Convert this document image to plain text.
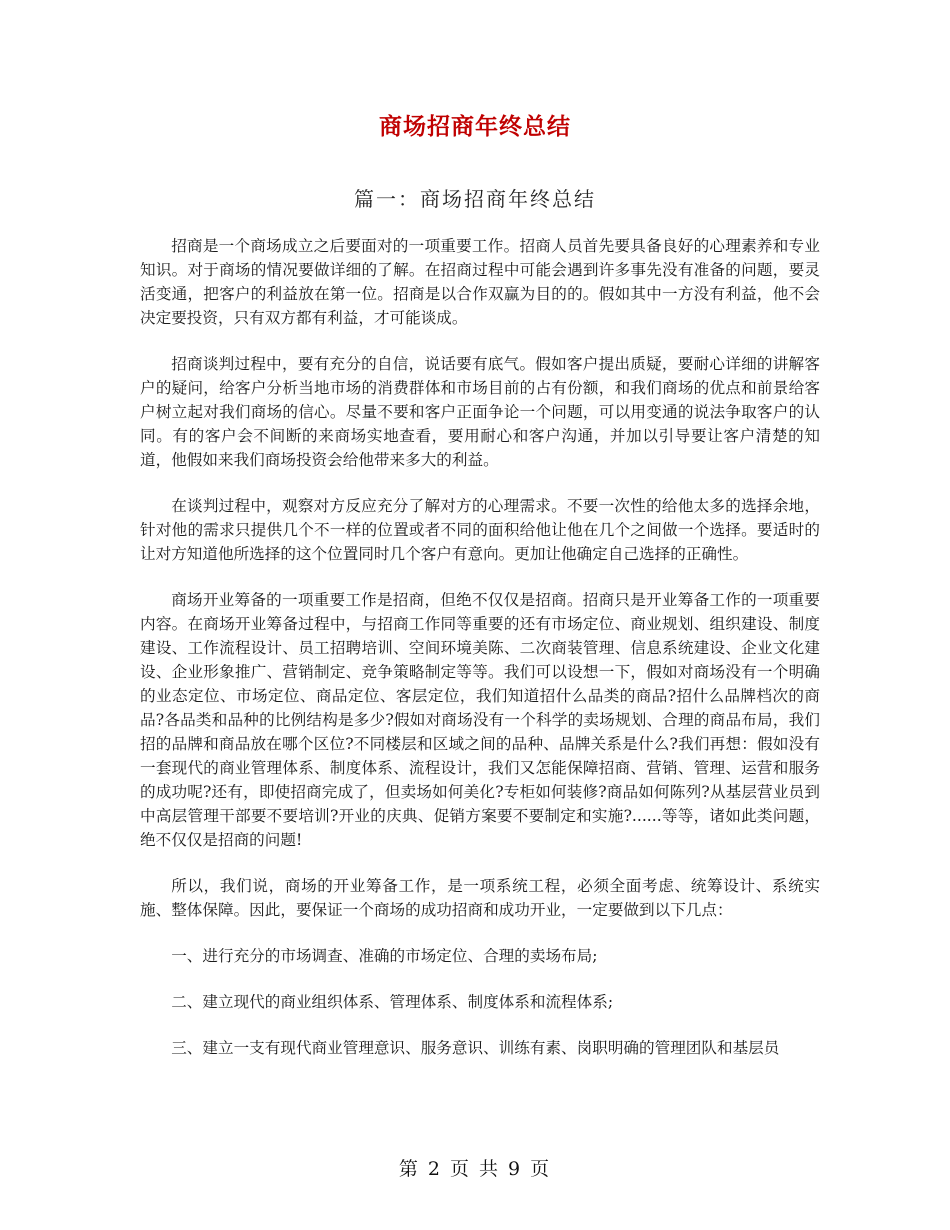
商场招商年终总结
篇一：商场招商年终总结

招商是一个商场成立之后要面对的一项重要工作。招商人员首先要具备良好的心理素养和专业知识。对于商场的情况要做详细的了解。在招商过程中可能会遇到许多事先没有准备的问题，要灵活变通，把客户的利益放在第一位。招商是以合作双赢为目的的。假如其中一方没有利益，他不会决定要投资，只有双方都有利益，才可能谈成。

招商谈判过程中，要有充分的自信，说话要有底气。假如客户提出质疑，要耐心详细的讲解客户的疑问，给客户分析当地市场的消费群体和市场目前的占有份额，和我们商场的优点和前景给客户树立起对我们商场的信心。尽量不要和客户正面争论一个问题，可以用变通的说法争取客户的认同。有的客户会不间断的来商场实地查看，要用耐心和客户沟通，并加以引导要让客户清楚的知道，他假如来我们商场投资会给他带来多大的利益。

在谈判过程中，观察对方反应充分了解对方的心理需求。不要一次性的给他太多的选择余地，针对他的需求只提供几个不一样的位置或者不同的面积给他让他在几个之间做一个选择。要适时的让对方知道他所选择的这个位置同时几个客户有意向。更加让他确定自己选择的正确性。

商场开业筹备的一项重要工作是招商，但绝不仅仅是招商。招商只是开业筹备工作的一项重要内容。在商场开业筹备过程中，与招商工作同等重要的还有市场定位、商业规划、组织建设、制度建设、工作流程设计、员工招聘培训、空间环境美陈、二次商装管理、信息系统建设、企业文化建设、企业形象推广、营销制定、竞争策略制定等等。我们可以设想一下，假如对商场没有一个明确的业态定位、市场定位、商品定位、客层定位，我们知道招什么品类的商品?招什么品牌档次的商品?各品类和品种的比例结构是多少?假如对商场没有一个科学的卖场规划、合理的商品布局，我们招的品牌和商品放在哪个区位?不同楼层和区域之间的品种、品牌关系是什么?我们再想：假如没有一套现代的商业管理体系、制度体系、流程设计，我们又怎能保障招商、营销、管理、运营和服务的成功呢?还有，即使招商完成了，但卖场如何美化?专柜如何装修?商品如何陈列?从基层营业员到中高层管理干部要不要培训?开业的庆典、促销方案要不要制定和实施?......等等，诸如此类问题，绝不仅仅是招商的问题!

所以，我们说，商场的开业筹备工作，是一项系统工程，必须全面考虑、统筹设计、系统实施、整体保障。因此，要保证一个商场的成功招商和成功开业，一定要做到以下几点：

一、进行充分的市场调查、准确的市场定位、合理的卖场布局;

二、建立现代的商业组织体系、管理体系、制度体系和流程体系;

三、建立一支有现代商业管理意识、服务意识、训练有素、岗职明确的管理团队和基层员

第 2 页 共 9 页
